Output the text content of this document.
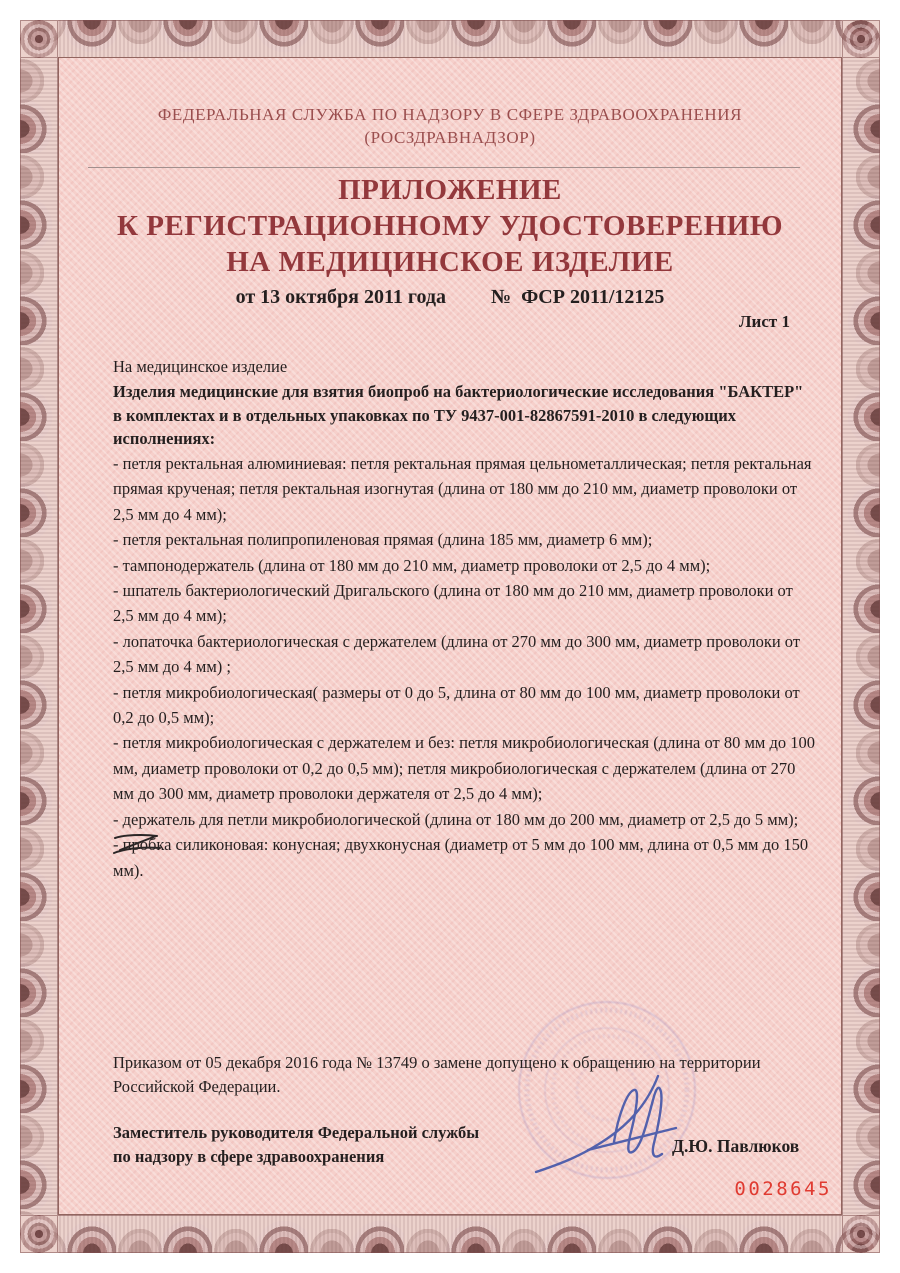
ФЕДЕРАЛЬНАЯ СЛУЖБА ПО НАДЗОРУ В СФЕРЕ ЗДРАВООХРАНЕНИЯ
(РОСЗДРАВНАДЗОР)
ПРИЛОЖЕНИЕ
К РЕГИСТРАЦИОННОМУ УДОСТОВЕРЕНИЮ
НА МЕДИЦИНСКОЕ ИЗДЕЛИЕ
от 13 октября 2011 года №  ФСР 2011/12125
Лист 1
На медицинское изделие
Изделия медицинские для взятия биопроб на бактериологические исследования "БАКТЕР" в комплектах и в отдельных упаковках по ТУ 9437-001-82867591-2010 в следующих исполнениях:

- петля ректальная алюминиевая: петля ректальная прямая цельнометаллическая; петля ректальная прямая крученая; петля ректальная изогнутая (длина от 180 мм до 210 мм, диаметр проволоки от 2,5 мм до 4 мм);

- петля ректальная полипропиленовая прямая (длина 185 мм, диаметр 6 мм);

- тампонодержатель (длина от 180 мм до 210 мм, диаметр проволоки от 2,5 до 4 мм);

- шпатель бактериологический Дригальского (длина от 180 мм до 210 мм, диаметр проволоки от 2,5 мм до 4 мм);

- лопаточка бактериологическая с держателем (длина от 270 мм до 300 мм, диаметр проволоки от 2,5 мм до 4 мм) ;

- петля микробиологическая( размеры от 0 до 5, длина от 80 мм до 100 мм, диаметр проволоки от 0,2 до 0,5 мм);

- петля микробиологическая с держателем и без: петля микробиологическая (длина от 80 мм до 100 мм, диаметр проволоки от 0,2 до 0,5 мм); петля микробиологическая с держателем (длина от 270 мм до 300 мм, диаметр проволоки держателя от 2,5 до 4 мм);

- держатель для петли микробиологической (длина от 180 мм до 200 мм, диаметр от 2,5 до 5 мм);

- пробка силиконовая: конусная; двухконусная (диаметр от 5 мм до 100 мм, длина от 0,5 мм до 150 мм).

Приказом от 05 декабря 2016 года № 13749 о замене допущено к обращению на территории Российской Федерации.
Заместитель руководителя Федеральной службы
по надзору в сфере здравоохранения
Д.Ю. Павлюков
0028645
